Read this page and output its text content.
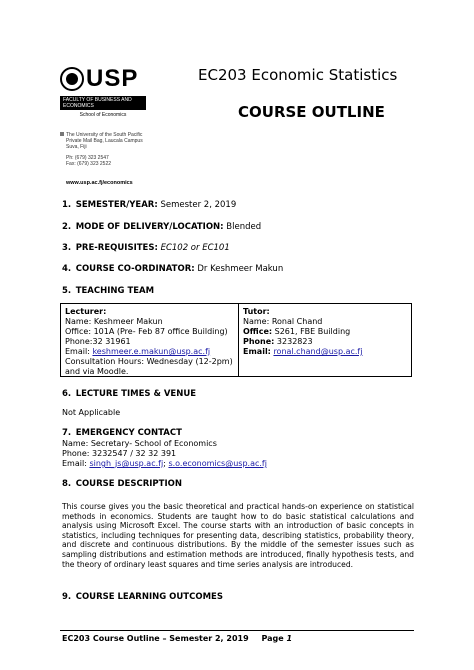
USP
FACULTY OF BUSINESS AND ECONOMICS
School of Economics
EC203 Economic Statistics
COURSE OUTLINE
The University of the South Pacific
Private Mail Bag, Laucala Campus
Suva, Fiji
Ph: (679) 323 2547
Fax: (679) 323 2522
www.usp.ac.fj/economics
1. SEMESTER/YEAR: Semester 2, 2019
2. MODE OF DELIVERY/LOCATION: Blended
3. PRE-REQUISITES: EC102 or EC101
4. COURSE CO-ORDINATOR: Dr Keshmeer Makun
5. TEACHING TEAM
Lecturer:
Name: Keshmeer Makun
Office: 101A (Pre- Feb 87 office Building)
Phone:32 31961
Email: keshmeer.e.makun@usp.ac.fj
Consultation Hours: Wednesday (12-2pm)
and via Moodle.
Tutor:
Name: Ronal Chand
Office: S261, FBE Building
Phone: 3232823
Email: ronal.chand@usp.ac.fj
6. LECTURE TIMES & VENUE
Not Applicable
7. EMERGENCY CONTACT
Name: Secretary- School of Economics
Phone: 3232547 / 32 32 391
Email: singh_js@usp.ac.fj; s.o.economics@usp.ac.fj
8. COURSE DESCRIPTION
This course gives you the basic theoretical and practical hands-on experience on statistical methods in economics. Students are taught how to do basic statistical calculations and analysis using Microsoft Excel. The course starts with an introduction of basic concepts in statistics, including techniques for presenting data, describing statistics, probability theory, and discrete and continuous distributions. By the middle of the semester issues such as sampling distributions and estimation methods are introduced, finally hypothesis tests, and the theory of ordinary least squares and time series analysis are introduced.
9. COURSE LEARNING OUTCOMES
EC203 Course Outline – Semester 2, 2019 Page 1
